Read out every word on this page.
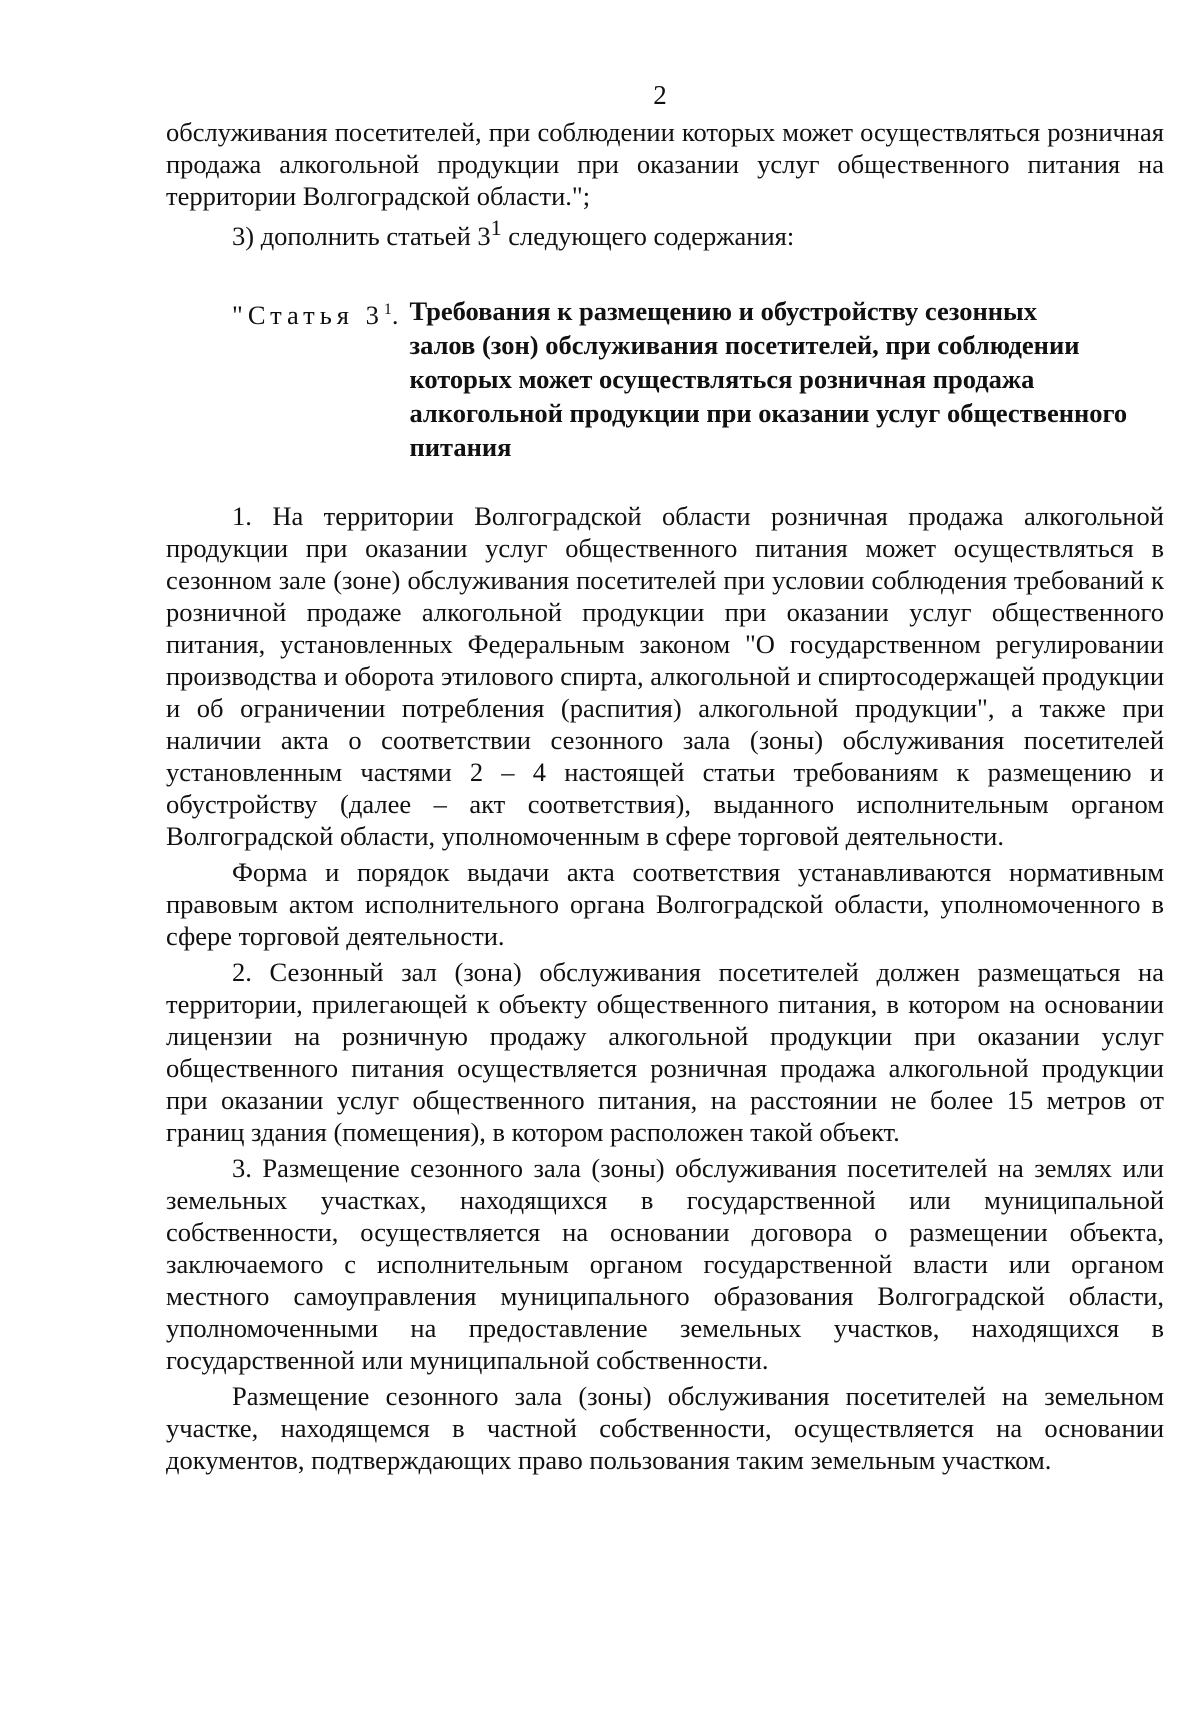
2

обслуживания посетителей, при соблюдении которых может осуществляться розничная продажа алкогольной продукции при оказании услуг общественного питания на территории Волгоградской области.";

3) дополнить статьей $3^1$ следующего содержания:

"Статья $3^1$. Требования к размещению и обустройству сезонных
залов (зон) обслуживания посетителей, при соблюдении которых может осуществляться розничная продажа алкогольной продукции при оказании услуг общественного питания

1. На территории Волгоградской области розничная продажа алкогольной продукции при оказании услуг общественного питания может осуществляться в сезонном зале (зоне) обслуживания посетителей при условии соблюдения требований к розничной продаже алкогольной продукции при оказании услуг общественного питания, установленных Федеральным законом "О государственном регулировании производства и оборота этилового спирта, алкогольной и спиртосодержащей продукции и об ограничении потребления (распития) алкогольной продукции", а также при наличии акта о соответствии сезонного зала (зоны) обслуживания посетителей установленным частями 2 – 4 настоящей статьи требованиям к размещению и обустройству (далее – акт соответствия), выданного исполнительным органом Волгоградской области, уполномоченным в сфере торговой деятельности.

Форма и порядок выдачи акта соответствия устанавливаются нормативным правовым актом исполнительного органа Волгоградской области, уполномоченного в сфере торговой деятельности.

2. Сезонный зал (зона) обслуживания посетителей должен размещаться на территории, прилегающей к объекту общественного питания, в котором на основании лицензии на розничную продажу алкогольной продукции при оказании услуг общественного питания осуществляется розничная продажа алкогольной продукции при оказании услуг общественного питания, на расстоянии не более 15 метров от границ здания (помещения), в котором расположен такой объект.

3. Размещение сезонного зала (зоны) обслуживания посетителей на землях или земельных участках, находящихся в государственной или муниципальной собственности, осуществляется на основании договора о размещении объекта, заключаемого с исполнительным органом государственной власти или органом местного самоуправления муниципального образования Волгоградской области, уполномоченными на предоставление земельных участков, находящихся в государственной или муниципальной собственности.

Размещение сезонного зала (зоны) обслуживания посетителей на земельном участке, находящемся в частной собственности, осуществляется на основании документов, подтверждающих право пользования таким земельным участком.
